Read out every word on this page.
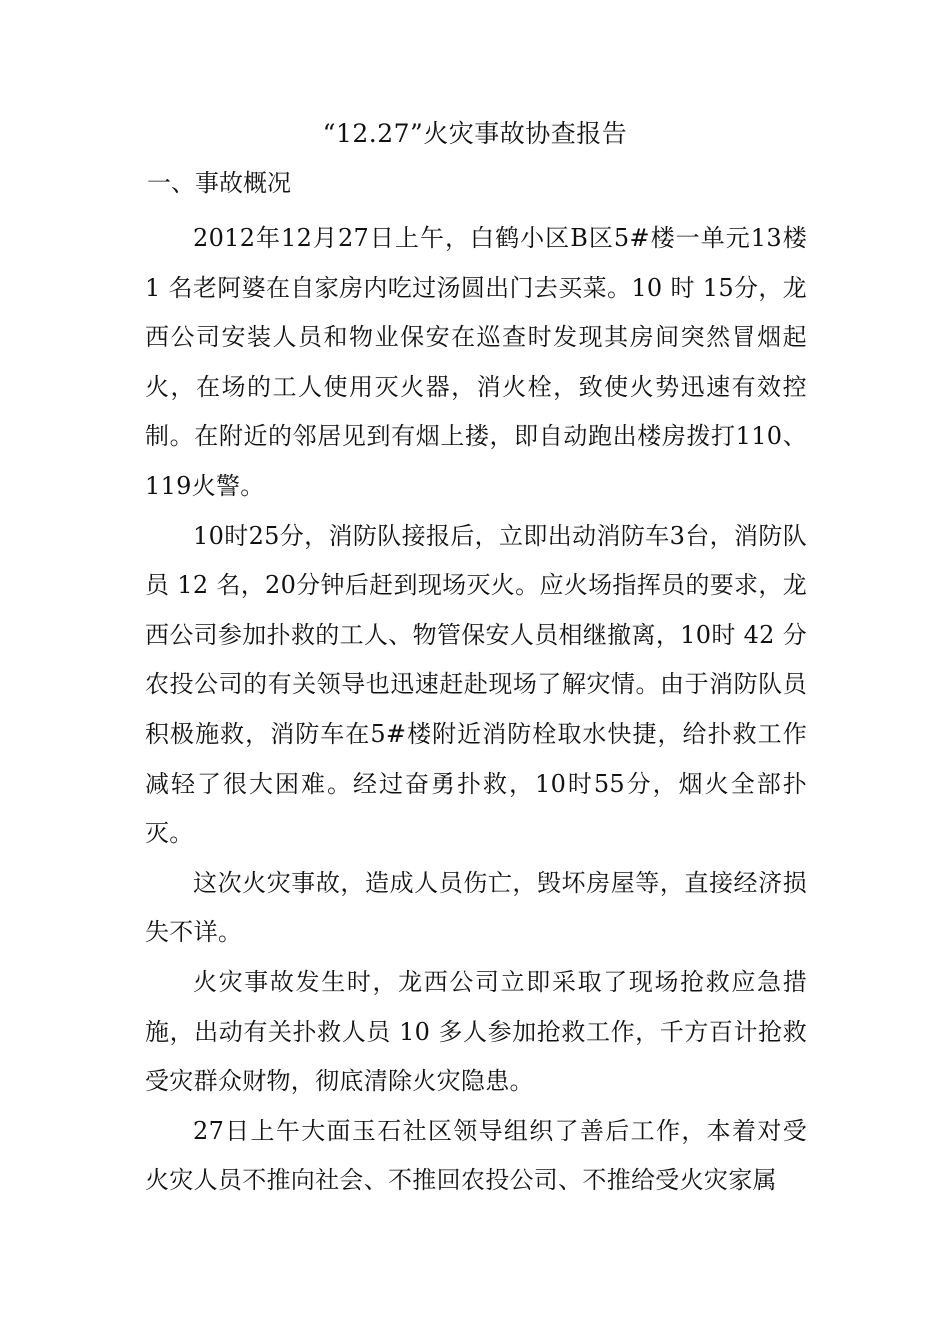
“12.27”火灾事故协查报告
一、事故概况

2012年12月27日上午，白鹤小区B区5#楼一单元13楼 1 名老阿婆在自家房内吃过汤圆出门去买菜。10 时 15分，龙西公司安装人员和物业保安在巡查时发现其房间突然冒烟起火，在场的工人使用灭火器，消火栓，致使火势迅速有效控制。在附近的邻居见到有烟上搂，即自动跑出楼房拨打110、119火警。

10时25分，消防队接报后，立即出动消防车3台，消防队员 12 名，20分钟后赶到现场灭火。应火场指挥员的要求，龙西公司参加扑救的工人、物管保安人员相继撤离，10时 42 分农投公司的有关领导也迅速赶赴现场了解灾情。由于消防队员积极施救，消防车在5#楼附近消防栓取水快捷，给扑救工作减轻了很大困难。经过奋勇扑救，10时55分，烟火全部扑灭。

这次火灾事故，造成人员伤亡，毁坏房屋等，直接经济损失不详。

火灾事故发生时，龙西公司立即采取了现场抢救应急措施，出动有关扑救人员 10 多人参加抢救工作，千方百计抢救受灾群众财物，彻底清除火灾隐患。

27日上午大面玉石社区领导组织了善后工作，本着对受火灾人员不推向社会、不推回农投公司、不推给受火灾家属
